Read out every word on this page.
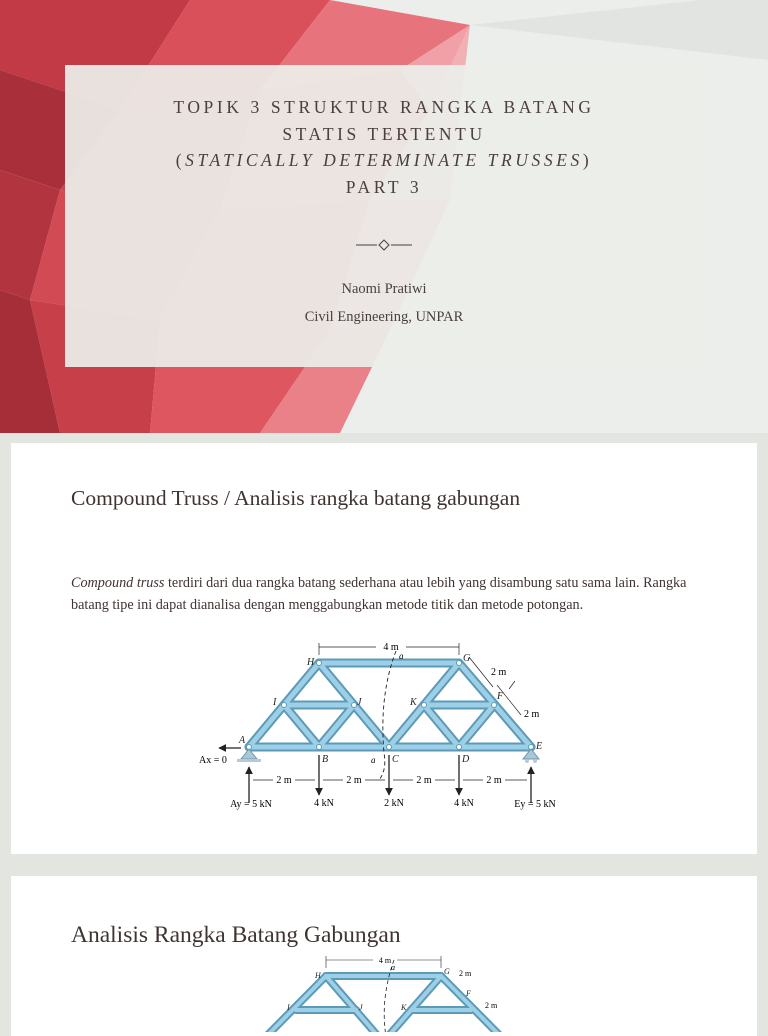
TOPIK 3 STRUKTUR RANGKA BATANG
STATIS TERTENTU
(STATICALLY DETERMINATE TRUSSES)
PART 3
Naomi Pratiwi
Civil Engineering, UNPAR
Compound Truss / Analisis rangka batang gabungan
Compound truss terdiri dari dua rangka batang sederhana atau lebih yang disambung satu sama lain. Rangka batang tipe ini dapat dianalisa dengan menggabungkan metode titik dan metode potongan.
4 m
a
a
2 m
2 m
A
B	C	D
E
F
G
H
I	J	K
Ax = 0
2 m	2 m	2 m	2 m
Ay = 5 kN	4 kN	2 kN	4 kN	Ey = 5 kN
Analisis Rangka Batang Gabungan
4 m
a
2 m
2 m
H	G
I	J	K
F
